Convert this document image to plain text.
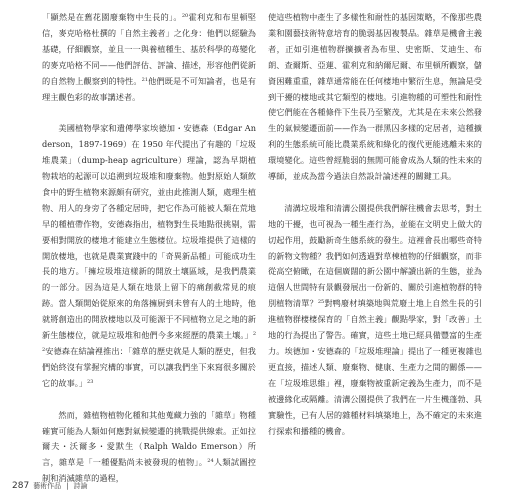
「顯然是在舊花園廢棄物中生長的」。$^{20}$霍利克和布里頓堅信，麥克哈格杜撰的「自然主義者」之化身：他們以經驗為基礎，仔細觀察，並且一一與養植種生、基於科學的苺變化的麥克哈格不同——他們評估、評論、描述，形容他們從新的自然物上觀察到的特性。$^{21}$他們既是不可知論者，也是有理主觀色彩的故事講述者。

美國植物學家和遺傳學家埃德加・安德森（Edgar Anderson，1897-1969）在 1950 年代提出了有趣的「垃圾堆農業」（dump-heap agriculture）理論，認為早期植物栽培的起源可以追溯到垃圾堆和廢棄物。他對原始人類飲食中的野生植物來源頗有研究，並由此推測人類，處理生植物、用人的身旁了各種定居時，把它作為可能被人類在荒地早的種植帶作物，安德森指出，植物對生長地點很挑剔，需要相對開放的棲地才能建立生態棲位。垃圾堆提供了這樣的開放棲地，也就是農業實踐中的「奇異新品種」可能成功生長的地方。「擁垃圾堆這樣新的開放土壤區域，是我們農業的一部分。因為這是人類在地景上留下的痛創截常見的痕跡。當人類開始從原來的角落擁厨到未曾有人的土地時，他就將創造出的開放棲地以及可能源于不同植物立足之地的新新生態棲位，就是垃圾堆和他們今多來經歷的農業土壤。」$^{22}$安德森在結論裡推出：「雜草的歷史就是人類的歷史，但我們始終沒有掌握究構的事實，可以讓我們坐下來寫很多關於它的故事。」$^{23}$

然而，雜植物植物化種和其他蒐藏力強的「雜草」物種確實可能為人類如何應對氣候變遷的挑戰提供線索。正如拉爾夫・沃爾多・愛默生（Ralph Waldo Emerson）所言，雜草是「一種優點尚未被發現的植物」。$^{24}$人類試圖控制和消滅雜草的過程，

使這些植物中產生了多樣性和耐性的基因策略，不像那些農業和園藝技術特意培育的脆弱基因複製品。雜草是機會主義者，正如引進植物群擴擴者為布里、史密斯、艾迪生、布朗、查爾斯、亞蓮、霍利克和納爾尼爾、布里頓所觀察，儲資困難重重，雜草通常能在任何棲地中繁衍生息，無論是受到干擾的棲地或其它類型的棲地。引進物種的可塑性和耐性使它們能在各種條件下生長乃至繁茂，尤其是在未來公然發生的氣候變遷面前——作為一群黑囚多樣的定居者，這種擴利的生態系統可能比農業系統和綠化的復代更能逃離未來的環境變化。這些曾經脆弱的無閒可能會成為人類的性未來的導師，並成為當今過法自然設計論述裡的關鍵工具。

清溝垃圾堆和清溝公園提供我們解往機會去思考，對土地的干擾，也可視為一種生產行為，並能在文明史上做大的切起作用，鼓勵新奇生態系統的發生。這裡會長出哪些奇特的新物文物種？我們如何透過對草棟植物的仔細觀察，而非從高空俯瞰，在這個廣闊的新公園中解讀出新的生態，並為這個人世間特有景觀發展出一份新的、關於引進植物群的特別植物清單？$^{25}$對鸭廢材填築地與荒廢土地上自然生長的引進植物群棲棲保育的「自然主義」觀點學家，對「改善」土地的行為提出了警告。確實，這些土地已經具備豐富的生產力。埃德加・安德森的「垃圾堆理論」提出了一種更複雜也更直接，描述人類、廢棄物、健康、生產力之間的關係——在「垃圾堆思維」裡，廢棄物被重新定義為生產力，而不是被邊緣化或隔離。清溝公園提供了我們在一片生機蓬勃、具實驗性，已有人居的雜種材料填築地上，為不確定的未來進行探索和播種的機會。

287 藝術作品 | 詩論
